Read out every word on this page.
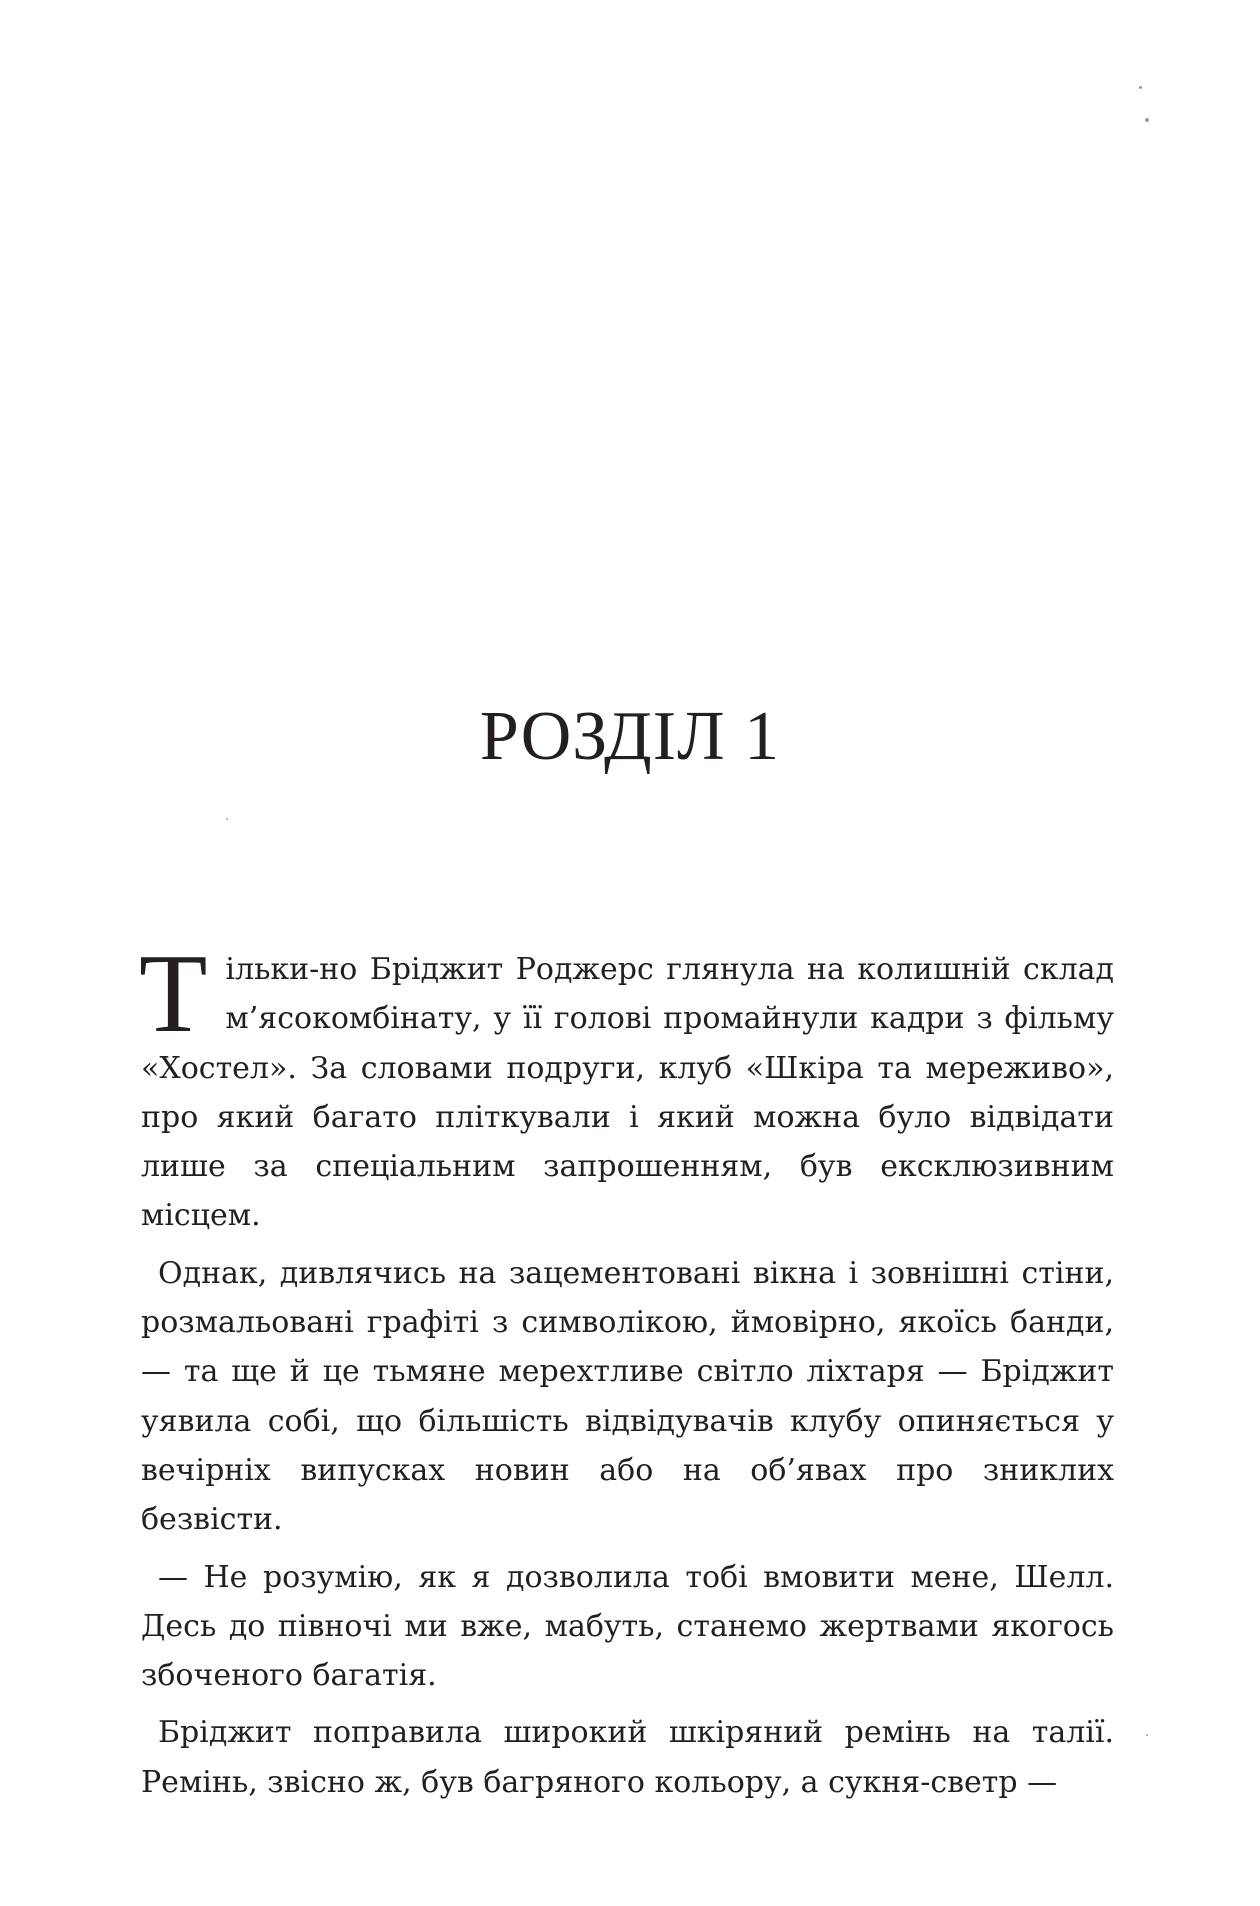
РОЗДІЛ 1

Тільки-но Бріджит Роджерс глянула на колишній склад м’ясокомбінату, у її голові промайнули кадри з фільму «Хостел». За словами подруги, клуб «Шкіра та мереживо», про який багато пліткували і який можна було відвідати лише за спеціальним запрошенням, був ексклюзивним місцем.

Однак, дивлячись на зацементовані вікна і зовнішні стіни, розмальовані графіті з символікою, ймовірно, якоїсь банди, — та ще й це тьмяне мерехтливе світло ліхтаря — Бріджит уявила собі, що більшість відвідувачів клубу опиняється у вечірніх випусках новин або на об’явах про зниклих безвісти.

— Не розумію, як я дозволила тобі вмовити мене, Шелл. Десь до півночі ми вже, мабуть, станемо жертвами якогось збоченого багатія.

Бріджит поправила широкий шкіряний ремінь на талії. Ремінь, звісно ж, був багряного кольору, а сукня-светр —
